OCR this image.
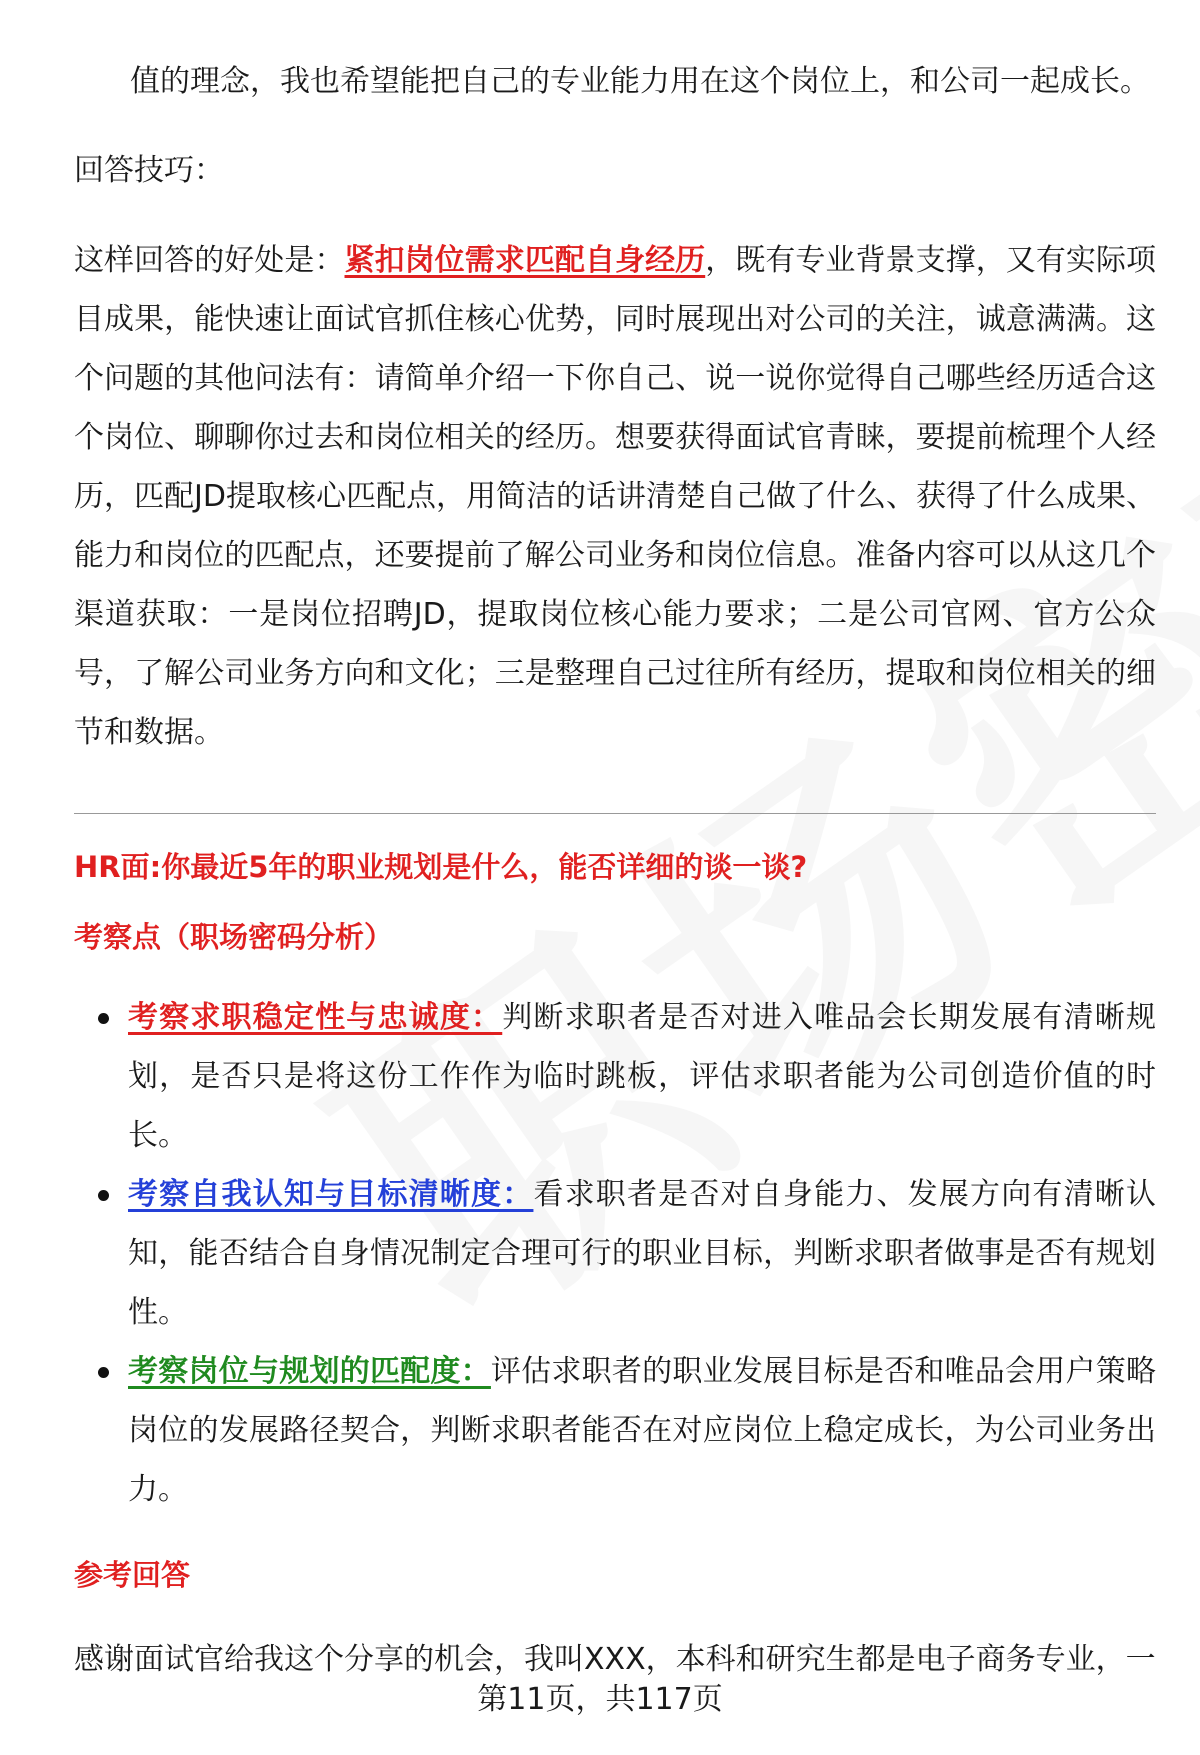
值的理念，我也希望能把自己的专业能力用在这个岗位上，和公司一起成长。

回答技巧：

这样回答的好处是：紧扣岗位需求匹配自身经历，既有专业背景支撑，又有实际项目成果，能快速让面试官抓住核心优势，同时展现出对公司的关注，诚意满满。这个问题的其他问法有：请简单介绍一下你自己、说一说你觉得自己哪些经历适合这个岗位、聊聊你过去和岗位相关的经历。想要获得面试官青睐，要提前梳理个人经历，匹配JD提取核心匹配点，用简洁的话讲清楚自己做了什么、获得了什么成果、能力和岗位的匹配点，还要提前了解公司业务和岗位信息。准备内容可以从这几个渠道获取：一是岗位招聘JD，提取岗位核心能力要求；二是公司官网、官方公众号，了解公司业务方向和文化；三是整理自己过往所有经历，提取和岗位相关的细节和数据。

HR面:你最近5年的职业规划是什么，能否详细的谈一谈?

考察点（职场密码分析）

考察求职稳定性与忠诚度：判断求职者是否对进入唯品会长期发展有清晰规划，是否只是将这份工作作为临时跳板，评估求职者能为公司创造价值的时长。
考察自我认知与目标清晰度：看求职者是否对自身能力、发展方向有清晰认知，能否结合自身情况制定合理可行的职业目标，判断求职者做事是否有规划性。
考察岗位与规划的匹配度：评估求职者的职业发展目标是否和唯品会用户策略岗位的发展路径契合，判断求职者能否在对应岗位上稳定成长，为公司业务出力。

参考回答

感谢面试官给我这个分享的机会，我叫XXX，本科和研究生都是电子商务专业，一

第11页，共117页
